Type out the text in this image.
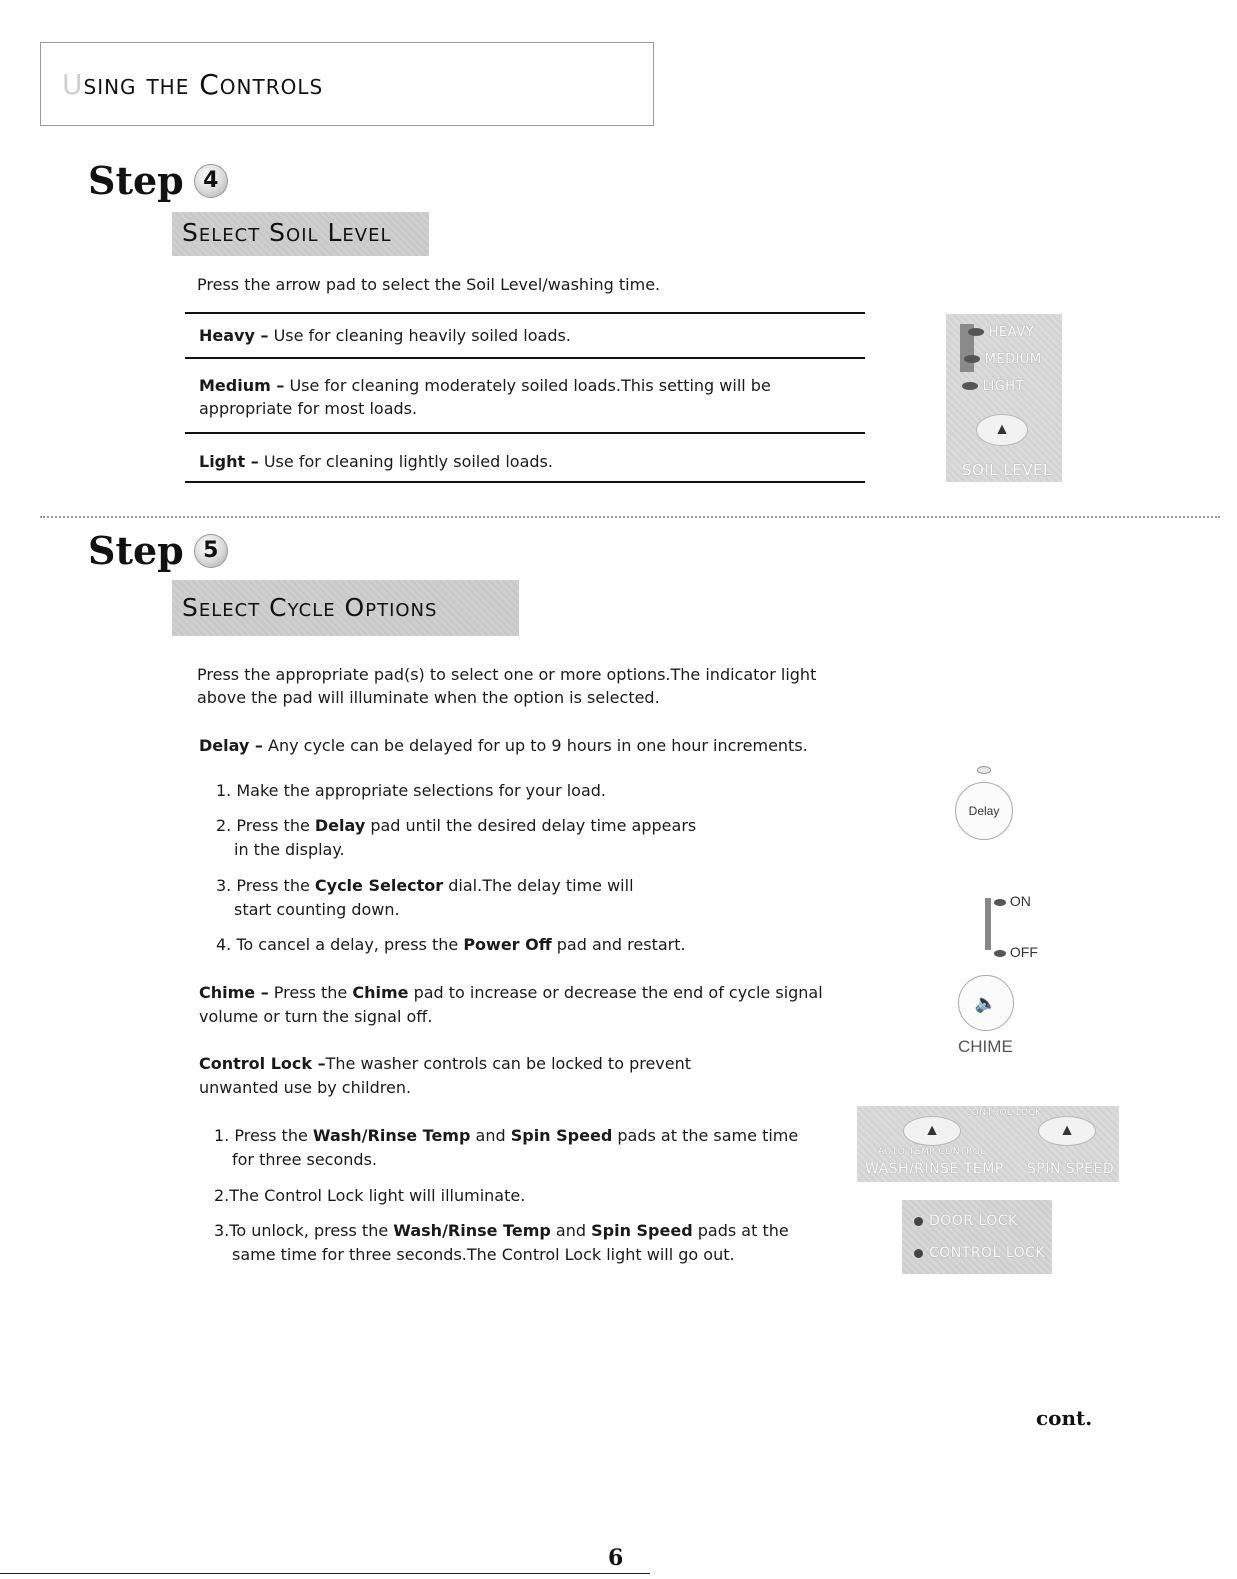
Using the Controls
Step 4
Select Soil Level
Press the arrow pad to select the Soil Level/washing time.
Heavy – Use for cleaning heavily soiled loads.
Medium – Use for cleaning moderately soiled loads.This setting will be appropriate for most loads.
Light – Use for cleaning lightly soiled loads.
HEAVY
MEDIUM
LIGHT
▲
SOIL LEVEL
Step 5
Select Cycle Options
Press the appropriate pad(s) to select one or more options.The indicator light above the pad will illuminate when the option is selected.
Delay – Any cycle can be delayed for up to 9 hours in one hour increments.
1. Make the appropriate selections for your load.
2. Press the Delay pad until the desired delay time appears
in the display.
3. Press the Cycle Selector dial.The delay time will
start counting down.
4. To cancel a delay, press the Power Off pad and restart.
Chime – Press the Chime pad to increase or decrease the end of cycle signal
volume or turn the signal off.
Control Lock –The washer controls can be locked to prevent
unwanted use by children.
1. Press the Wash/Rinse Temp and Spin Speed pads at the same time
for three seconds.
2.The Control Lock light will illuminate.
3.To unlock, press the Wash/Rinse Temp and Spin Speed pads at the
same time for three seconds.The Control Lock light will go out.
Delay
ON
OFF
🔈
CHIME
CONTROL LOCK
▲	▲
AUTO TEMP CONTROL
WASH/RINSE TEMP SPIN SPEED
DOOR LOCK
CONTROL LOCK
cont.
6
